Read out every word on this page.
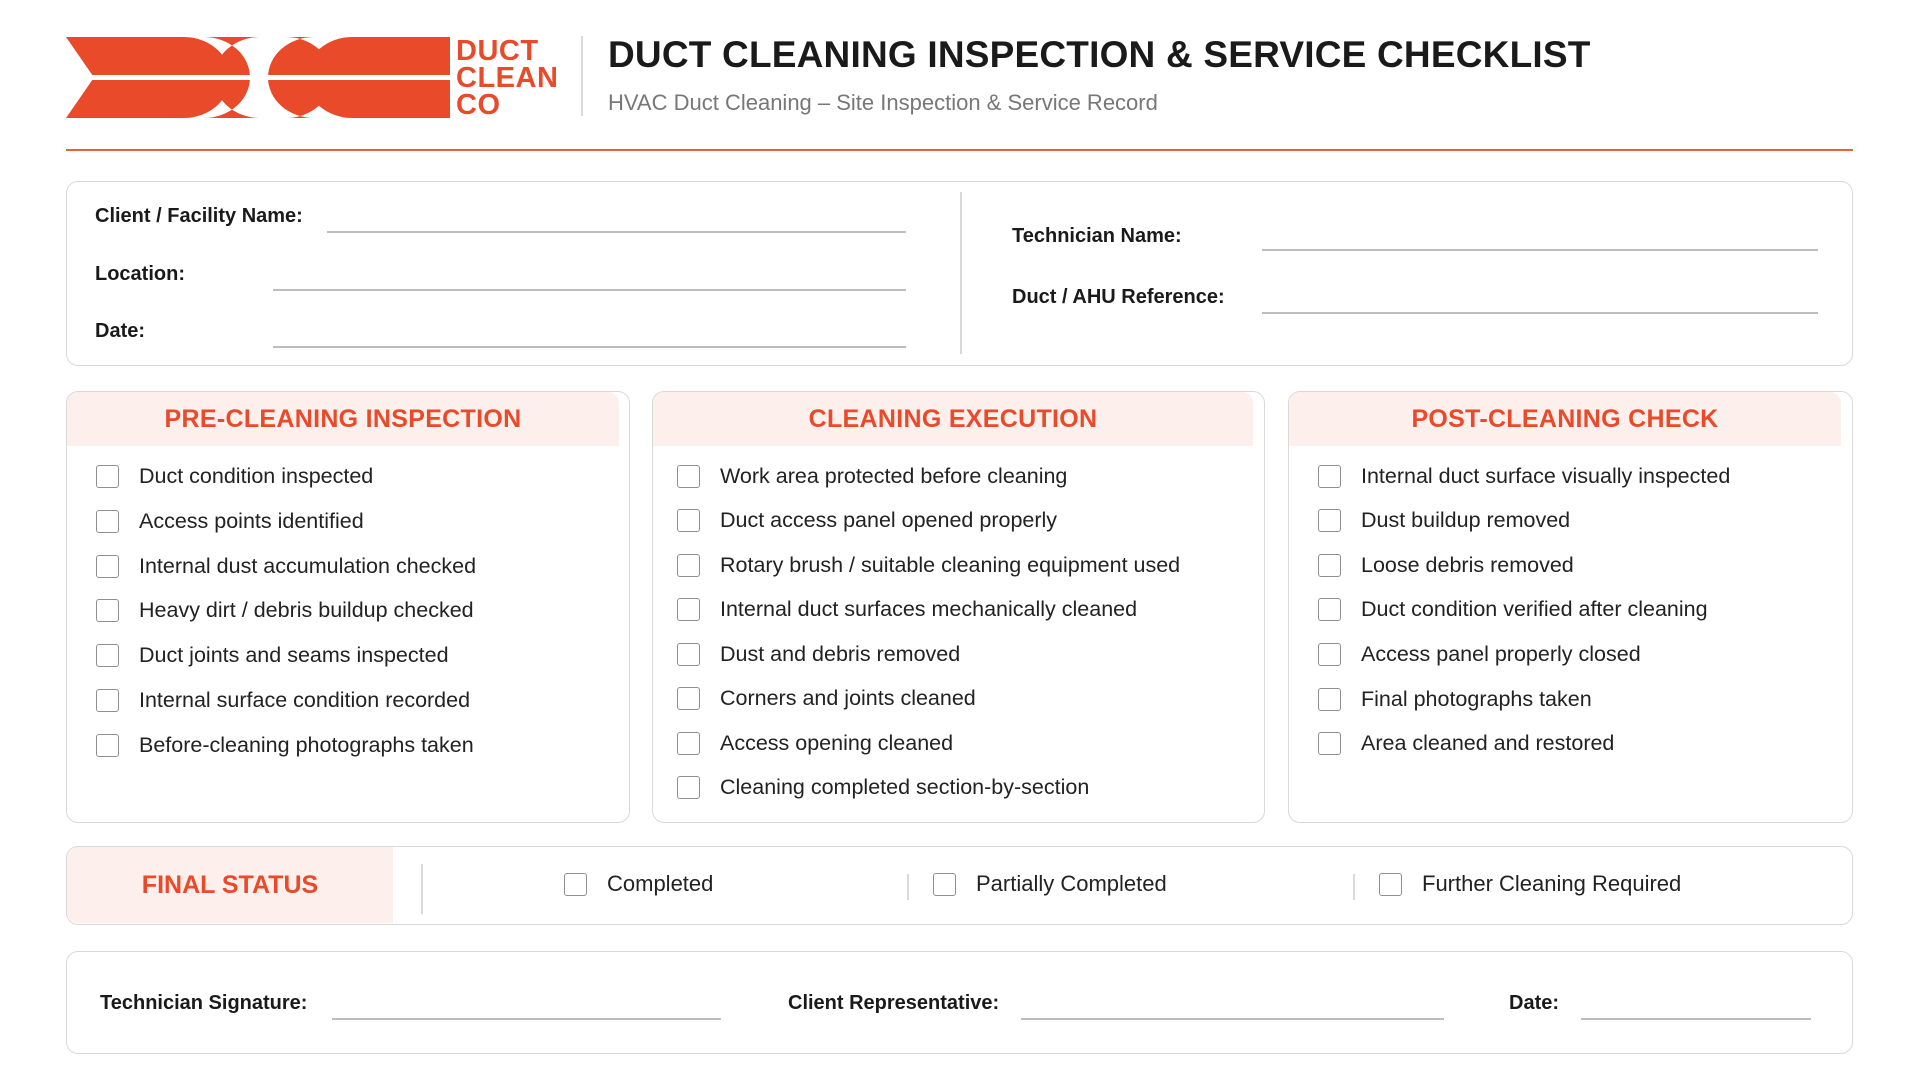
DUCT
CLEAN
CO
DUCT CLEANING INSPECTION & SERVICE CHECKLIST
HVAC Duct Cleaning – Site Inspection & Service Record
Client / Facility Name:
Location:
Date:
Technician Name:
Duct / AHU Reference:
PRE-CLEANING INSPECTION
Duct condition inspected
Access points identified
Internal dust accumulation checked
Heavy dirt / debris buildup checked
Duct joints and seams inspected
Internal surface condition recorded
Before-cleaning photographs taken
CLEANING EXECUTION
Work area protected before cleaning
Duct access panel opened properly
Rotary brush / suitable cleaning equipment used
Internal duct surfaces mechanically cleaned
Dust and debris removed
Corners and joints cleaned
Access opening cleaned
Cleaning completed section-by-section
POST-CLEANING CHECK
Internal duct surface visually inspected
Dust buildup removed
Loose debris removed
Duct condition verified after cleaning
Access panel properly closed
Final photographs taken
Area cleaned and restored
FINAL STATUS	Completed	Partially Completed	Further Cleaning Required
Technician Signature:	Client Representative:	Date:
